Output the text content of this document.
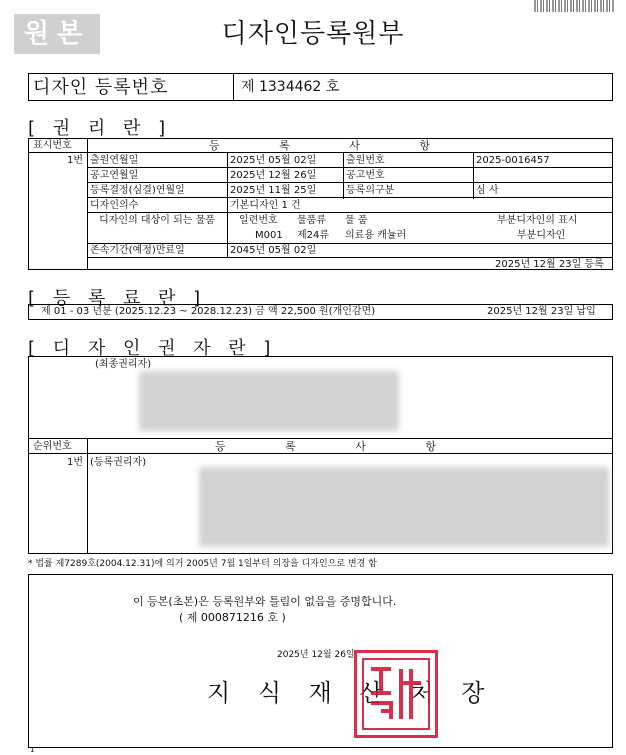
원본	디자인등록원부
디자인 등록번호	제 1334462 호
[ 권 리 란 ]
표시번호	등 록 사 항
1번 출원연월일	2025년 05월 02일	출원번호	2025-0016457
공고연월일	2025년 12월 26일	공고번호
등록결정(심결)연월일	2025년 11월 25일	등록의구분	심 사
디자인의수	기본디자인 1 건
디자인의 대상이 되는 물품 일련번호 물품류 물 품	부분디자인의 표시
M001 제24류 의료용 캐뉼러	부분디자인
존속기간(예정)만료일	2045년 05월 02일
2025년 12월 23일 등록
[ 등 록 료 란 ]
제 01 - 03 년분 (2025.12.23 ~ 2028.12.23) 금 액 22,500 원(개인감면)	2025년 12월 23일 납입
[ 디 자 인 권 자 란 ]
(최종권리자)
순위번호	등 록 사 항
1번 (등록권리자)
* 법률 제7289호(2004.12.31)에 의거 2005년 7월 1일부터 의장을 디자인으로 변경 함
이 등본(초본)은 등록원부와 틀림이 없음을 증명합니다.
( 제 000871216 호 )
2025년 12월 26일
지 식 재 산 처 장
1
